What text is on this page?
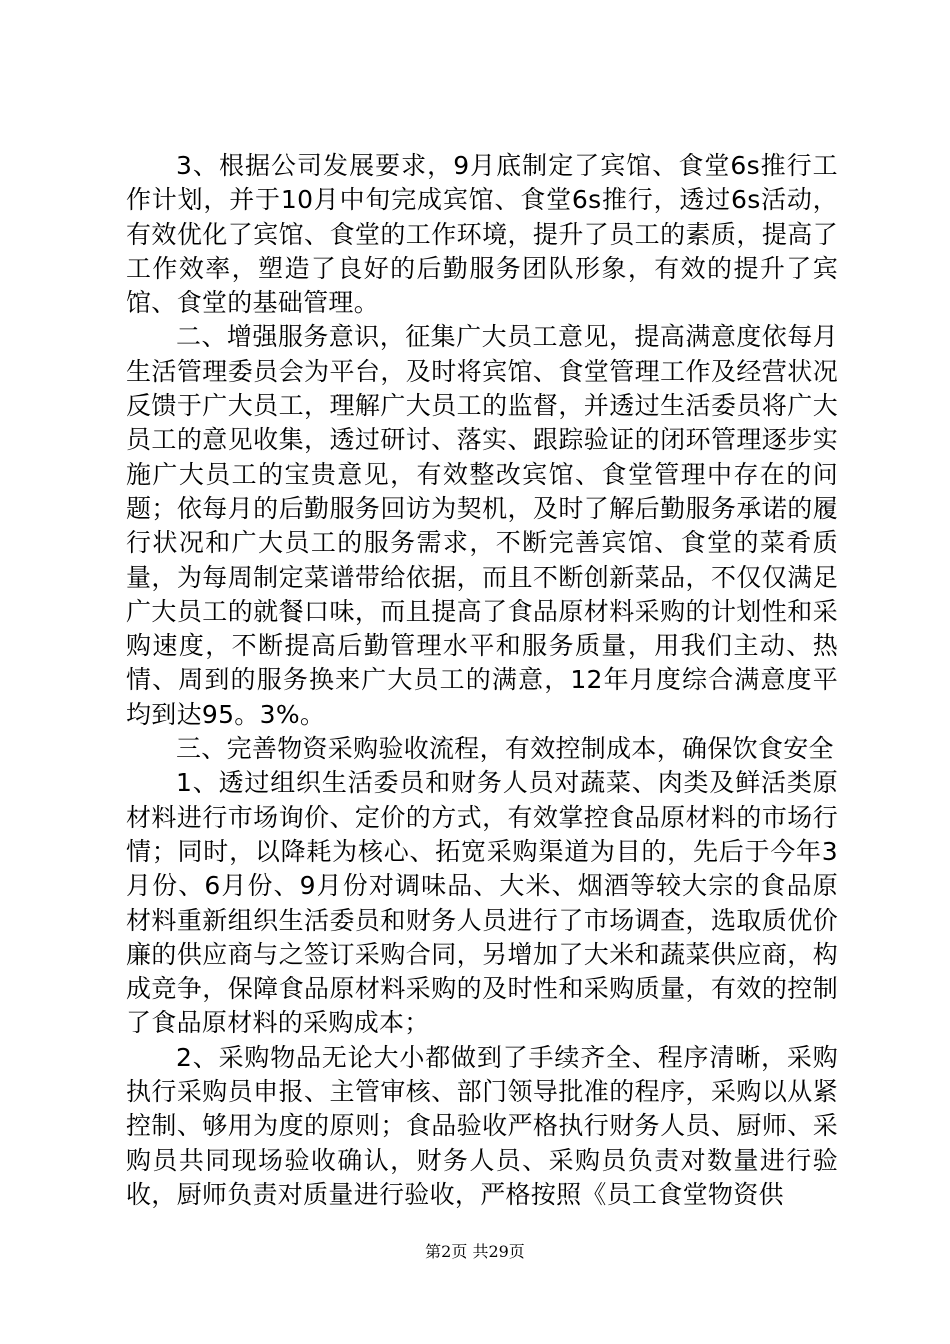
3、根据公司发展要求，9月底制定了宾馆、食堂6s推行工作计划，并于10月中旬完成宾馆、食堂6s推行，透过6s活动，有效优化了宾馆、食堂的工作环境，提升了员工的素质，提高了工作效率，塑造了良好的后勤服务团队形象，有效的提升了宾馆、食堂的基础管理。

二、增强服务意识，征集广大员工意见，提高满意度依每月生活管理委员会为平台，及时将宾馆、食堂管理工作及经营状况反馈于广大员工，理解广大员工的监督，并透过生活委员将广大员工的意见收集，透过研讨、落实、跟踪验证的闭环管理逐步实施广大员工的宝贵意见，有效整改宾馆、食堂管理中存在的问题；依每月的后勤服务回访为契机，及时了解后勤服务承诺的履行状况和广大员工的服务需求，不断完善宾馆、食堂的菜肴质量，为每周制定菜谱带给依据，而且不断创新菜品，不仅仅满足广大员工的就餐口味，而且提高了食品原材料采购的计划性和采购速度，不断提高后勤管理水平和服务质量，用我们主动、热情、周到的服务换来广大员工的满意，12年月度综合满意度平均到达95。3%。

三、完善物资采购验收流程，有效控制成本，确保饮食安全

1、透过组织生活委员和财务人员对蔬菜、肉类及鲜活类原材料进行市场询价、定价的方式，有效掌控食品原材料的市场行情；同时，以降耗为核心、拓宽采购渠道为目的，先后于今年3月份、6月份、9月份对调味品、大米、烟酒等较大宗的食品原材料重新组织生活委员和财务人员进行了市场调查，选取质优价廉的供应商与之签订采购合同，另增加了大米和蔬菜供应商，构成竞争，保障食品原材料采购的及时性和采购质量，有效的控制了食品原材料的采购成本；

2、采购物品无论大小都做到了手续齐全、程序清晰，采购执行采购员申报、主管审核、部门领导批准的程序，采购以从紧控制、够用为度的原则；食品验收严格执行财务人员、厨师、采购员共同现场验收确认，财务人员、采购员负责对数量进行验收，厨师负责对质量进行验收，严格按照《员工食堂物资供

第2页 共29页
